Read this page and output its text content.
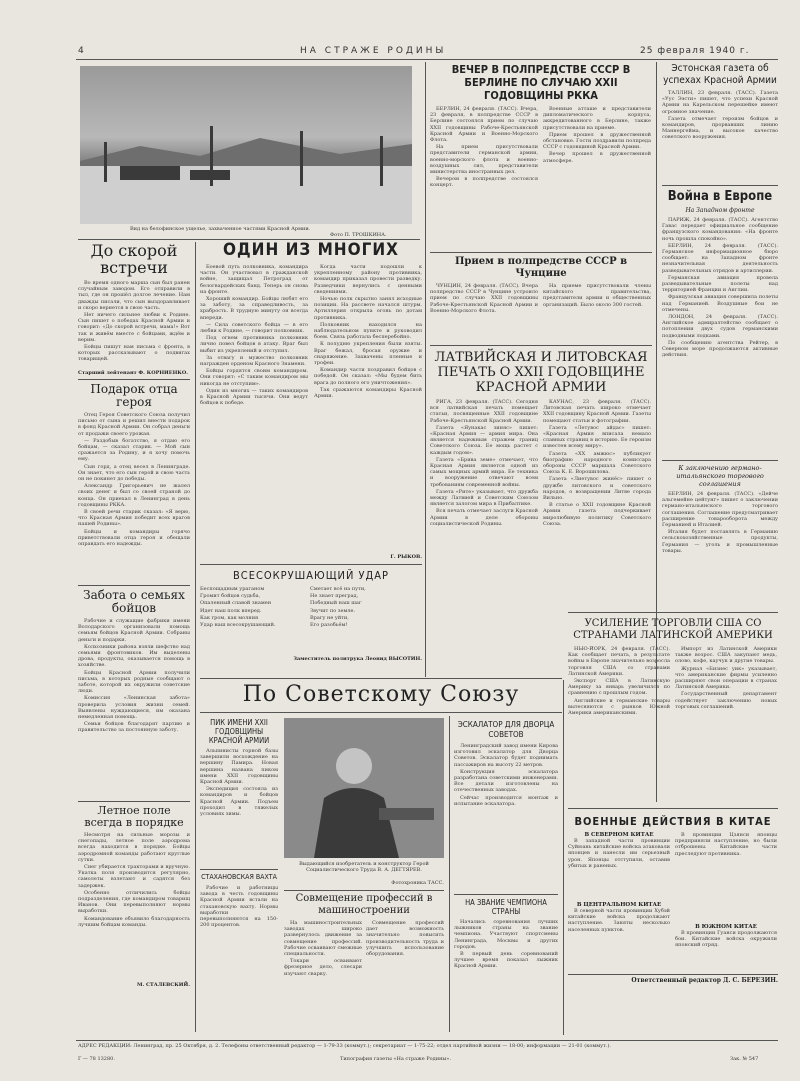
4	НА СТРАЖЕ РОДИНЫ	25 февраля 1940 г.
Вид на белофинское ущелье, захваченное частями Красной Армии.
Фото П. ТРОШКИНА.
До скорой встречи

Во время одного марша сын был ранен случайным заводом. Его отправили в тыл, где он прошёл долгое лечение. Нам дважды писали, что сын выздоравливает и скоро вернется в свою часть.

Нет ничего сильнее любви к Родине. Сын пишет о победах Красной Армии и говорит: «До скорой встречи, мама!» Вот так и живём вместе с бойцами, ждём и верим.

Бойцы пишут нам письма с фронта, в которых рассказывают о подвигах товарищей.

Старший лейтенант Ф. КОРНИЕНКО.
Подарок отца героя

Отец Героя Советского Союза получил письмо от сына и решил внести подарок в фонд Красной Армии. Он собрал деньги от продажи своего урожая.

— Раздобыв богатство, я отдаю его бойцам, — сказал старик. — Мой сын сражается за Родину, и я хочу помочь ему.

Сын горд, а отец весел в Ленинграде. Он знает, что его сын герой и свою часть он не покинет до победы.

Александр Григорьевич не жалел своих денег и был со своей страной до конца. Он приехал в Ленинград в день годовщины РККА.

В своей речи старик сказал: «Я верю, что Красная Армия победит всех врагов нашей Родины».

Бойцы и командиры горячо приветствовали отца героя и обещали оправдать его надежды.

Забота о семьях бойцов

Рабочие и служащие фабрики имени Володарского организовали помощь семьям бойцов Красной Армии. Собраны деньги и подарки.

Колхозники района взяли шефство над семьями фронтовиков. Им выделены дрова, продукты, оказывается помощь в хозяйстве.

Бойцы Красной Армии получили письма, в которых родные сообщают о заботе, которой их окружили советские люди.

Комиссия «Ленинская забота» проверила условия жизни семей. Выявлены нуждающиеся, им оказана немедленная помощь.

Семьи бойцов благодарят партию и правительство за постоянную заботу.

Летное поле всегда в порядке

Несмотря на сильные морозы и снегопады, летное поле аэродрома всегда находится в порядке. Бойцы аэродромной команды работают круглые сутки.

Снег убирается тракторами и вручную. Укатка поля производится регулярно, самолеты взлетают и садятся без задержек.

Особенно отличились бойцы подразделения, где командиром товарищ Иванов. Они перевыполняют нормы выработки.

Командование объявило благодарность лучшим бойцам команды.

М. СТАЛЕВСКИЙ.
ОДИН ИЗ МНОГИХ

Боевой путь полковника, командира части. Он участвовал в гражданской войне, защищал Петроград от белогвардейских банд. Теперь он снова на фронте.

Хороший командир. Бойцы любят его за заботу, за справедливость, за храбрость. В трудную минуту он всегда впереди.

— Сила советского бойца — в его любви к Родине, — говорит полковник.

Под огнем противника полковник лично повел бойцов в атаку. Враг был выбит из укреплений и отступил.

За отвагу и мужество полковник награжден орденом Красного Знамени.

Бойцы гордятся своим командиром. Они говорят: «С таким командиром мы никогда не отступим».

Один из многих — таких командиров в Красной Армии тысячи. Они ведут бойцов к победе.

Когда части подошли к укрепленному району противника, командир приказал провести разведку. Разведчики вернулись с ценными сведениями.

Ночью полк скрытно занял исходные позиции. На рассвете начался штурм. Артиллерия открыла огонь по дотам противника.

Полковник находился на наблюдательном пункте и руководил боем. Связь работала бесперебойно.

К полудню укрепления были взяты. Враг бежал, бросая оружие и снаряжение. Захвачены пленные и трофеи.

Командир части поздравил бойцов с победой. Он сказал: «Мы будем бить врага до полного его уничтожения».

Так сражаются командиры Красной Армии.

Г. РЫКОВ.
ВСЕСОКРУШАЮЩИЙ УДАР

Беспощадным ураганом

Громит бойцов судьба,

Опаленный славой знамен

Идет наш полк вперед.

Как гром, как молния

Удар наш всесокрушающий.

Сметает всё на пути,

Не знает преград,

Победный наш шаг

Звучит по земле.

Врагу не уйти,

Его разобьём!

Заместитель политрука Леонид ВЫСОТИН.
ВЕЧЕР В ПОЛПРЕДСТВЕ СССР В БЕРЛИНЕ ПО СЛУЧАЮ XXII ГОДОВЩИНЫ РККА

БЕРЛИН, 24 февраля. (ТАСС). Вчера, 23 февраля, в полпредстве СССР в Берлине состоялся прием по случаю XXII годовщины Рабоче-Крестьянской Красной Армии и Военно-Морского Флота.

На прием присутствовали представители германской армии, военно-морского флота и военно-воздушных сил, представители министерства иностранных дел.

Вечером в полпредстве состоялся концерт.

Военные атташе и представители дипломатического корпуса, аккредитованного в Берлине, также присутствовали на приеме.

Прием прошел в дружественной обстановке. Гости поздравили полпреда СССР с годовщиной Красной Армии.

Вечер прошел в дружественной атмосфере.

Прием в полпредстве СССР в Чунцине

ЧУНЦИН, 24 февраля. (ТАСС). Вчера полпредство СССР в Чунцине устроило прием по случаю XXII годовщины Рабоче-Крестьянской Красной Армии и Военно-Морского Флота.

На приеме присутствовали члены китайского правительства, представители армии и общественных организаций. Было около 300 гостей.

ЛАТВИЙСКАЯ И ЛИТОВСКАЯ ПЕЧАТЬ О XXII ГОДОВЩИНЕ КРАСНОЙ АРМИИ

РИГА, 23 февраля. (ТАСС). Сегодня вся латвийская печать помещает статьи, посвященные XXII годовщине Рабоче-Крестьянской Красной Армии.

Газета «Яунакас зиняс» пишет: «Красная Армия — армия мира. Она является надежным стражем границ Советского Союза. Ее мощь растет с каждым годом».

Газета «Брива земе» отмечает, что Красная Армия является одной из самых мощных армий мира. Ее техника и вооружение отвечают всем требованиям современной войны.

Газета «Рите» указывает, что дружба между Латвией и Советским Союзом является залогом мира в Прибалтике.

Вся печать отмечает заслуги Красной Армии в деле обороны социалистической Родины.

КАУНАС, 23 февраля. (ТАСС). Литовская печать широко отмечает XXII годовщину Красной Армии. Газеты помещают статьи и фотографии.

Газета «Летувос айдас» пишет: «Красная Армия вписала немало славных страниц в историю. Ее героизм известен всему миру».

Газета «XX амжюс» публикует биографию народного комиссара обороны СССР маршала Советского Союза К. Е. Ворошилова.

Газета «Лиетувос жинёс» пишет о дружбе литовского и советского народов, о возвращении Литве города Вильно.

В статье о XXII годовщине Красной Армии газета подчеркивает миролюбивую политику Советского Союза.

Эстонская газета об успехах Красной Армии

ТАЛЛИН, 23 февраля. (ТАСС). Газета «Уус Ээсти» пишет, что успехи Красной Армии на Карельском перешейке имеют огромное значение.

Газета отмечает героизм бойцов и командиров, прорвавших линию Маннергейма, и высокое качество советского вооружения.

Война в Европе
На Западном фронте

ПАРИЖ, 24 февраля. (ТАСС). Агентство Гавас передает официальное сообщение французского командования: «На фронте ночь прошла спокойно».

БЕРЛИН, 24 февраля. (ТАСС). Германское информационное бюро сообщает: на Западном фронте незначительная деятельность разведывательных отрядов и артиллерии.

Германская авиация провела разведывательные полеты над территорией Франции и Англии.

Французская авиация совершила полеты над Германией. Воздушные бои не отмечены.

ЛОНДОН, 24 февраля. (ТАСС). Английское адмиралтейство сообщает о потоплении двух судов германскими подводными лодками.

По сообщению агентства Рейтер, в Северном море продолжаются активные действия.

К заключению германо-итальянского торгового соглашения

БЕРЛИН, 24 февраля. (ТАСС). «Дейче альгемейне цейтунг» пишет о заключении германо-итальянского торгового соглашения. Соглашение предусматривает расширение товарооборота между Германией и Италией.

Италия будет поставлять в Германию сельскохозяйственные продукты, Германия — уголь и промышленные товары.

УСИЛЕНИЕ ТОРГОВЛИ США СО СТРАНАМИ ЛАТИНСКОЙ АМЕРИКИ

НЬЮ-ЙОРК, 24 февраля. (ТАСС). Как сообщает печать, в результате войны в Европе значительно возросла торговля США со странами Латинской Америки.

Экспорт США в Латинскую Америку за январь увеличился по сравнению с прошлым годом.

Английские и германские товары вытесняются с рынков Южной Америки американскими.

Импорт из Латинской Америки также возрос. США закупают медь, олово, кофе, каучук и другие товары.

Журнал «Бизнес уик» указывает, что американские фирмы усиленно расширяют свои операции в странах Латинской Америки.

Государственный департамент содействует заключению новых торговых соглашений.

ВОЕННЫЕ ДЕЙСТВИЯ В КИТАЕ
В СЕВЕРНОМ КИТАЕ

В западной части провинции Суйюань китайские войска атаковали японцев и нанесли им серьезный урон. Японцы отступили, оставив убитых и раненых.

В ЦЕНТРАЛЬНОМ КИТАЕ

В северной части провинции Хубэй китайские войска продолжают наступление. Заняты несколько населенных пунктов.

В провинции Цзянси японцы предприняли наступление, но были отброшены. Китайские части преследуют противника.

В ЮЖНОМ КИТАЕ

В провинции Гуанси продолжаются бои. Китайские войска окружили японский отряд.

Ответственный редактор Д. С. БЕРЕЗИН.
По Советскому Союзу
ПИК ИМЕНИ XXII ГОДОВЩИНЫ КРАСНОЙ АРМИИ

Альпинисты горной базы завершили восхождение на вершину Памира. Новая вершина названа пиком имени XXII годовщины Красной Армии.

Экспедиция состояла из командиров и бойцов Красной Армии. Подъем проходил в тяжелых условиях зимы.

СТАХАНОВСКАЯ ВАХТА

Рабочие и работницы завода в честь годовщины Красной Армии встали на стахановскую вахту. Нормы выработки перевыполняются на 150-200 процентов.

Выдающийся изобретатель и конструктор Герой Социалистического Труда В. А. ДЕГТЯРЕВ.
Фотохроника ТАСС.
Совмещение профессий в машиностроении

На машиностроительных заводах широко развернулось движение за совмещение профессий. Рабочие осваивают смежные специальности.

Токари осваивают фрезерное дело, слесари изучают сварку.

Совмещение профессий дает возможность значительно повысить производительность труда и улучшить использование оборудования.

ЭСКАЛАТОР ДЛЯ ДВОРЦА СОВЕТОВ

Ленинградский завод имени Кирова изготовил эскалатор для Дворца Советов. Эскалатор будет поднимать пассажиров на высоту 22 метров.

Конструкция эскалатора разработана советскими инженерами. Все детали изготовлены на отечественных заводах.

Сейчас производится монтаж и испытание эскалатора.

НА ЗВАНИЕ ЧЕМПИОНА СТРАНЫ

Начались соревнования лучших лыжников страны на звание чемпиона. Участвуют спортсмены Ленинграда, Москвы и других городов.

В первый день соревнований лучшее время показал лыжник Красной Армии.

АДРЕС РЕДАКЦИИ: Ленинград, пр. 25 Октября, д. 2. Телефоны ответственный редактор — 1-79-33 (коммут.); секретариат — 1-75-22; отдел партийной жизни — 18-00; информации — 21-01 (коммут.).
Г — 78 13280.	Типография газеты «На страже Родины».	Зак. № 547
